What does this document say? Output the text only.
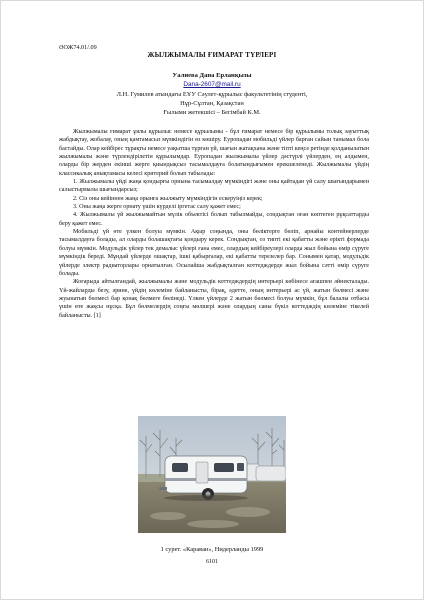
ӘОЖ74.01/.09
ЖЫЛЖЫМАЛЫ ҒИМАРАТ ТҮРЛЕРІ
Уалиева Дана Ерланқызы
Dana-2607@mail.ru
Л.Н. Гумилев атындағы ЕҰУ Сәулет-құрылыс факультетінің студенті,
Нұр-Сұлтан, Қазақстан
Ғылыми жетекшісі – Бегімбай К.М.

Жылжымалы ғимарат ұялы құрылыс немесе құрылымы - бұл ғимарат немесе бір құрылымы толық зауыттық жабдықтау, жобалау, оның қамтамасыз мүмкіндігін өз көшіру. Еуропадан мобильді үйлер барған сайын танымал бола бастайды. Олар кейбірес тұрақты немесе уақытша тұрған үй, шағын жатақхана және тіпті кеңсе ретінде қолданылатын жылжымалы және түрлендірілетін құрылымдар. Еуропадан жылжымалы үйлер дәстүрлі үйлерден, ең алдымен, оларды бір жерден екінші жерге қиындықсыз тасымалдауға болатындығымен ерекшеленеді. Жылжымалы үйдің классикалық анықтамасы келесі критерий болып табылады:

1. Жылжымалы үйді жаңа қондырғы орнына тасымалдау мүмкіндігі және оны қайтадан үй салу шығындарымен салыстырмалы шығындарсыз;
2. Сіз оны кейіннен жаңа орынға жылжыту мүмкіндігін ескеруіңіз керек;
3. Оны жаңа жерге орнату үшін күрделі іргетас салу қажет емес;
4. Жылжымалы үй жылжымайтын мүлік объектісі болып табылмайды, сондықтан оған көптеген рұқсаттарды беру қажет емес.

Мобильді үй өте үлкен болуы мүмкін. Ақыр соңында, оны бөліктерге бөліп, арнайы контейнерлерде тасымалдауға болады, ал оларды болашақтағы қондыру керек. Сондықтан, оз типті екі қабатты және ерікті формада болуы мүмкін. Модульдік үйлер тек демалыс үйлері ғана емес, олардың кейбіреулері оларда жыл бойына өмір сүруге мүмкіндік береді. Мұндай үйлерде ошақтар, ішкі қабырғалар, екі қабатты терезелер бар. Сонымен қатар, модульдік үйлерде электр радиаторлары орнатылған. Осылайша жабдықталған коттедждерде жыл бойына сәтті өмір сүруге болады.

Жоғарыда айтылғандай, жылжымалы және модульдік коттедждердің интерьері көбінесе ағашпен әйнекталады. Үй-жайларды безу, әрине, үйдің көлеміне байланысты, бірақ, әдетте, оның интерьері ас үй, жатын бөлмесі және жуынатын бөлмесі бар қонақ бөлмеге бөлінеді. Үлкен үйлерде 2 жатын бөлмесі болуы мүмкін, бұл балалы отбасы үшін өте жақсы нұсқа. Бұл бөлмелердің соңғы мөлшері және олардың саны бүкіл коттедждің көлеміне тікелей байланысты. [1]

1 сурет. «Караван», Нидерланды 1999
6101
